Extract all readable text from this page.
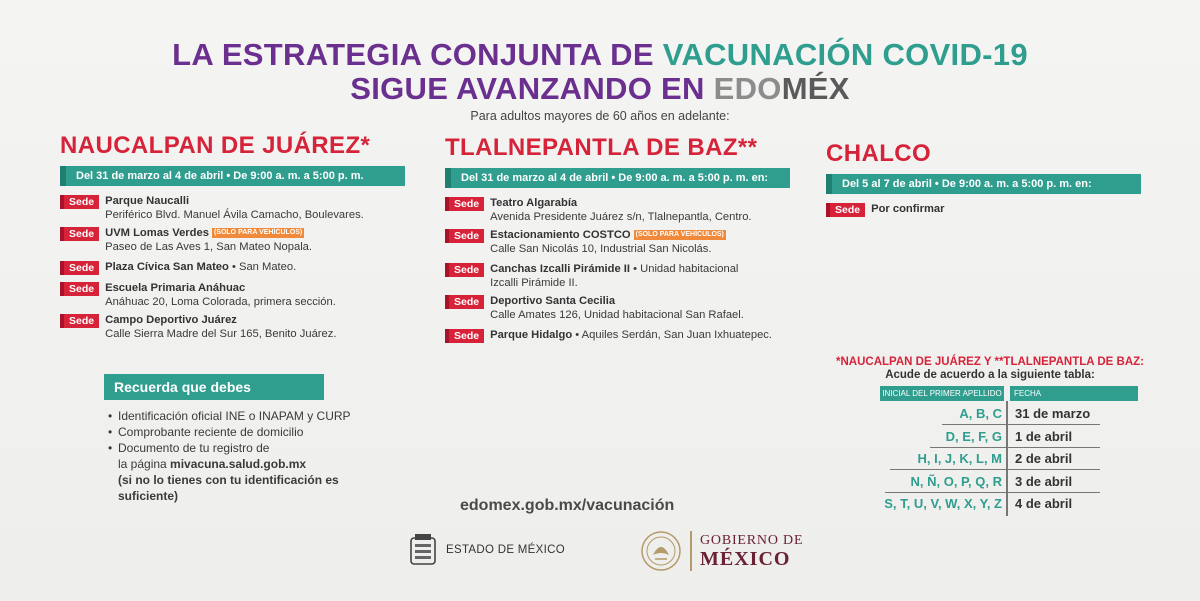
LA ESTRATEGIA CONJUNTA DE VACUNACIÓN COVID-19
SIGUE AVANZANDO EN EDOMÉX
Para adultos mayores de 60 años en adelante:
NAUCALPAN DE JUÁREZ*
Del 31 de marzo al 4 de abril • De 9:00 a. m. a 5:00 p. m.
Sede Parque Naucalli
Periférico Blvd. Manuel Ávila Camacho, Boulevares.
Sede UVM Lomas Verdes (SOLO PARA VEHÍCULOS)
Paseo de Las Aves 1, San Mateo Nopala.
Sede Plaza Cívica San Mateo • San Mateo.
Sede Escuela Primaria Anáhuac
Anáhuac 20, Loma Colorada, primera sección.
Sede Campo Deportivo Juárez
Calle Sierra Madre del Sur 165, Benito Juárez.
TLALNEPANTLA DE BAZ**
Del 31 de marzo al 4 de abril • De 9:00 a. m. a 5:00 p. m. en:
Sede Teatro Algarabía
Avenida Presidente Juárez s/n, Tlalnepantla, Centro.
Sede Estacionamiento COSTCO (SOLO PARA VEHÍCULOS)
Calle San Nicolás 10, Industrial San Nicolás.
Sede Canchas Izcalli Pirámide II • Unidad habitacional
Izcalli Pirámide II.
Sede Deportivo Santa Cecilia
Calle Amates 126, Unidad habitacional San Rafael.
Sede Parque Hidalgo • Aquiles Serdán, San Juan Ixhuatepec.
CHALCO
Del 5 al 7 de abril • De 9:00 a. m. a 5:00 p. m. en:
Sede Por confirmar
Recuerda que debes
• Identificación oficial INE o INAPAM y CURP
• Comprobante reciente de domicilio
• Documento de tu registro de
la página mivacuna.salud.gob.mx
(si no lo tienes con tu identificación es suficiente)
edomex.gob.mx/vacunación
ESTADO DE MÉXICO
GOBIERNO DE
MÉXICO
*NAUCALPAN DE JUÁREZ Y **TLALNEPANTLA DE BAZ: Acude de acuerdo a la siguiente tabla:
INICIAL DEL PRIMER APELLIDO	FECHA
A, B, C 31 de marzo
D, E, F, G 1 de abril
H, I, J, K, L, M 2 de abril
N, Ñ, O, P, Q, R 3 de abril
S, T, U, V, W, X, Y, Z 4 de abril
